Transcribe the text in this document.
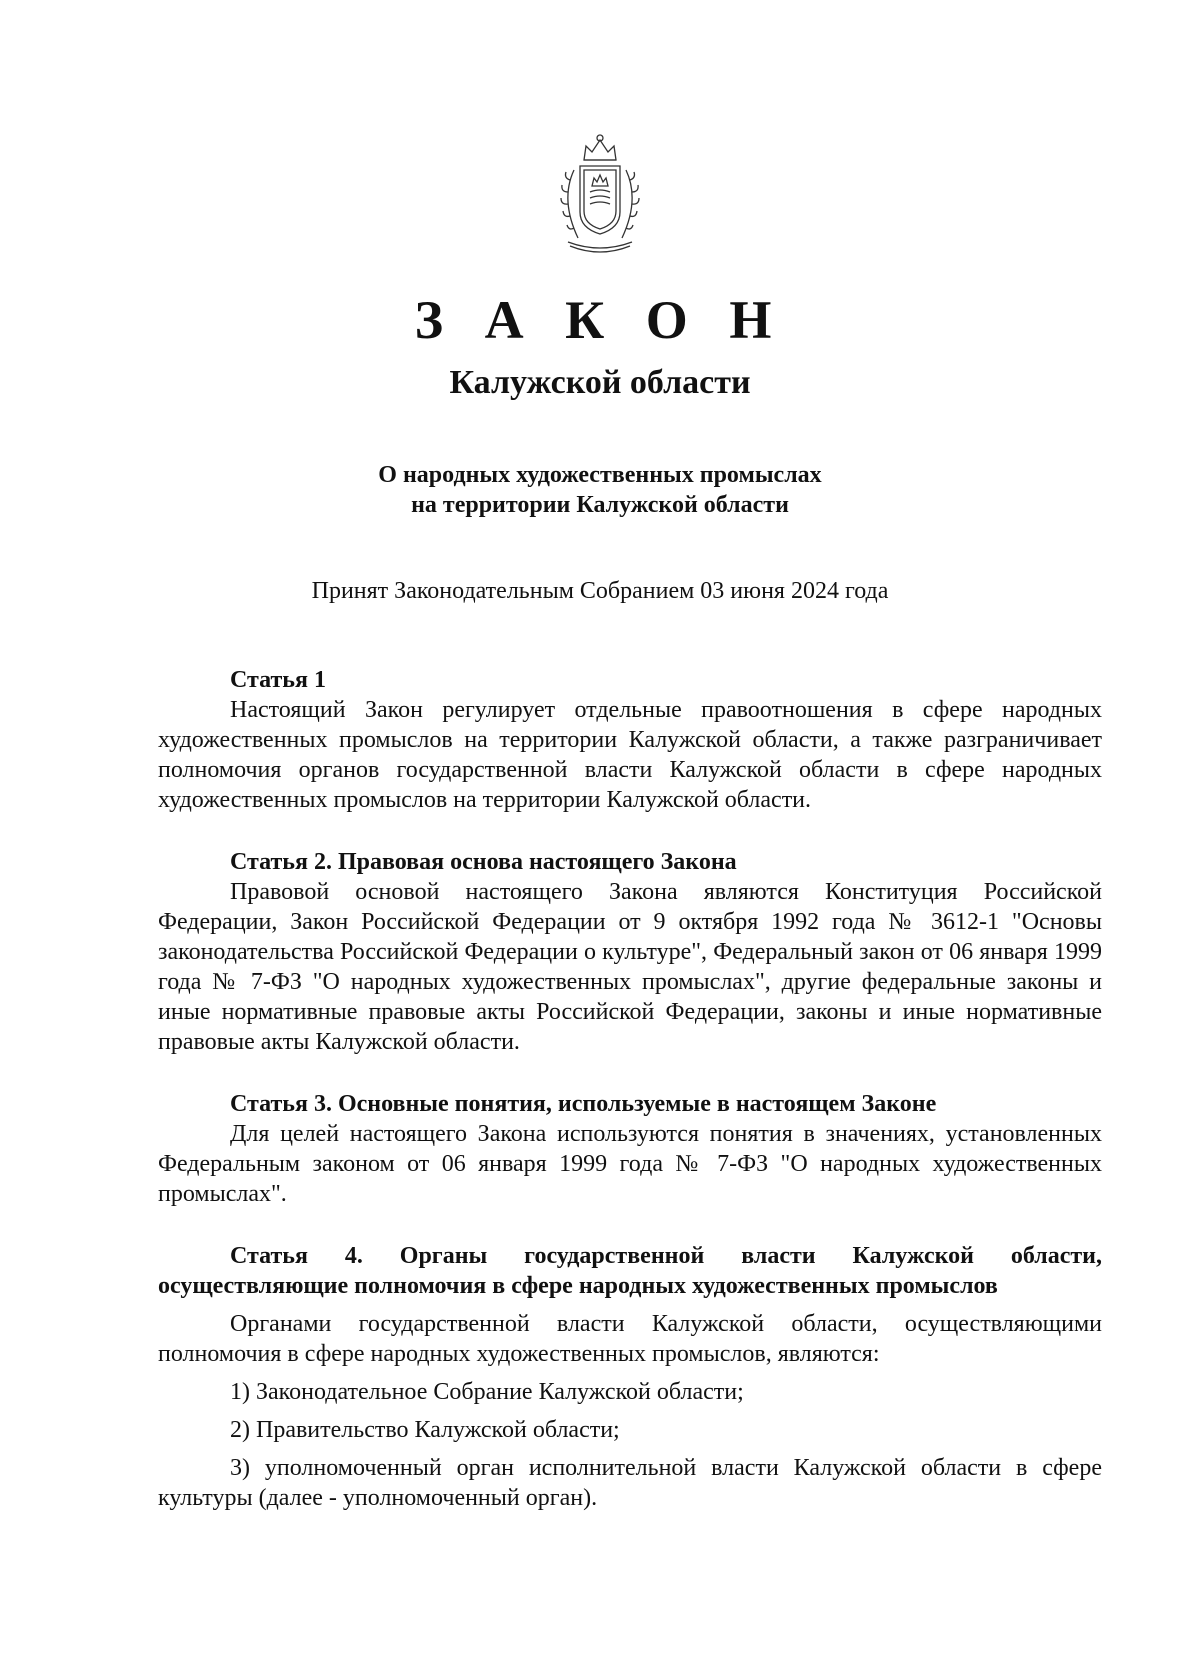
З А К О Н
Калужской области
О народных художественных промыслах
на территории Калужской области
Принят Законодательным Собранием 03 июня 2024 года

Статья 1

Настоящий Закон регулирует отдельные правоотношения в сфере народных художественных промыслов на территории Калужской области, а также разграничивает полномочия органов государственной власти Калужской области в сфере народных художественных промыслов на территории Калужской области.

Статья 2. Правовая основа настоящего Закона

Правовой основой настоящего Закона являются Конституция Российской Федерации, Закон Российской Федерации от 9 октября 1992 года № 3612-1 "Основы законодательства Российской Федерации о культуре", Федеральный закон от 06 января 1999 года № 7-ФЗ "О народных художественных промыслах", другие федеральные законы и иные нормативные правовые акты Российской Федерации, законы и иные нормативные правовые акты Калужской области.

Статья 3. Основные понятия, используемые в настоящем Законе

Для целей настоящего Закона используются понятия в значениях, установленных Федеральным законом от 06 января 1999 года № 7-ФЗ "О народных художественных промыслах".

Статья 4. Органы государственной власти Калужской области, осуществляющие полномочия в сфере народных художественных промыслов

Органами государственной власти Калужской области, осуществляющими полномочия в сфере народных художественных промыслов, являются:

1) Законодательное Собрание Калужской области;

2) Правительство Калужской области;

3) уполномоченный орган исполнительной власти Калужской области в сфере культуры (далее - уполномоченный орган).
